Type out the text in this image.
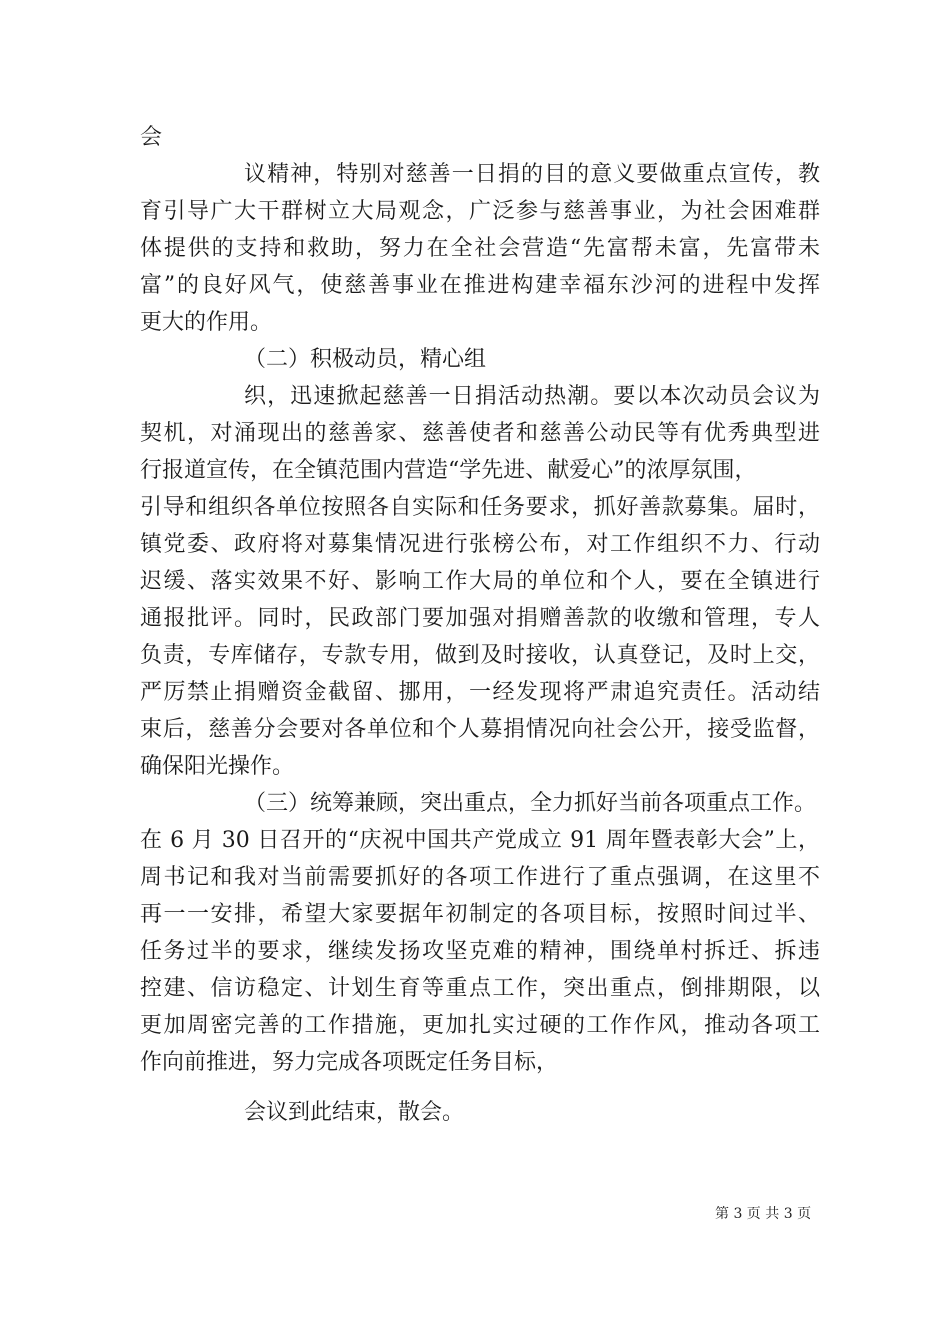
会
议精神，特别对慈善一日捐的目的意义要做重点宣传，教
育引导广大干群树立大局观念，广泛参与慈善事业，为社会困难群
体提供的支持和救助，努力在全社会营造“先富帮未富，先富带未
富”的良好风气，使慈善事业在推进构建幸福东沙河的进程中发挥
更大的作用。
（二）积极动员，精心组
织，迅速掀起慈善一日捐活动热潮。要以本次动员会议为
契机，对涌现出的慈善家、慈善使者和慈善公动民等有优秀典型进
行报道宣传，在全镇范围内营造“学先进、献爱心”的浓厚氛围，
引导和组织各单位按照各自实际和任务要求，抓好善款募集。届时，
镇党委、政府将对募集情况进行张榜公布，对工作组织不力、行动
迟缓、落实效果不好、影响工作大局的单位和个人，要在全镇进行
通报批评。同时，民政部门要加强对捐赠善款的收缴和管理，专人
负责，专库储存，专款专用，做到及时接收，认真登记，及时上交，
严厉禁止捐赠资金截留、挪用，一经发现将严肃追究责任。活动结
束后，慈善分会要对各单位和个人募捐情况向社会公开，接受监督，
确保阳光操作。
（三）统筹兼顾，突出重点，全力抓好当前各项重点工作。
在 6 月 30 日召开的“庆祝中国共产党成立 91 周年暨表彰大会”上，
周书记和我对当前需要抓好的各项工作进行了重点强调，在这里不
再一一安排，希望大家要据年初制定的各项目标，按照时间过半、
任务过半的要求，继续发扬攻坚克难的精神，围绕单村拆迁、拆违
控建、信访稳定、计划生育等重点工作，突出重点，倒排期限，以
更加周密完善的工作措施，更加扎实过硬的工作作风，推动各项工
作向前推进，努力完成各项既定任务目标，
会议到此结束，散会。
第 3 页 共 3 页
